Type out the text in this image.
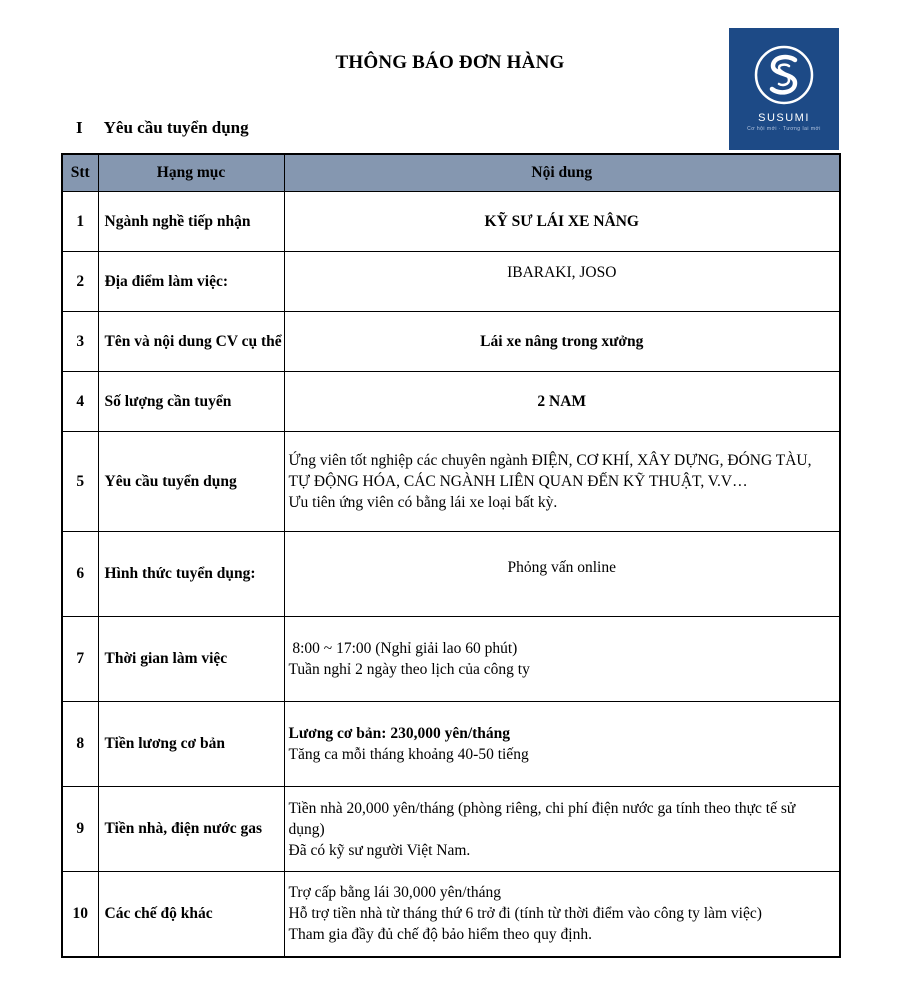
THÔNG BÁO ĐƠN HÀNG
I Yêu cầu tuyển dụng	SUSUMI
Cơ hội mới · Tương lai mới
Stt	Hạng mục	Nội dung
1	Ngành nghề tiếp nhận	KỸ SƯ LÁI XE NÂNG

2	Địa điểm làm việc:	IBARAKI, JOSO

3	Tên và nội dung CV cụ thể	Lái xe nâng trong xưởng

4	Số lượng cần tuyển	2 NAM

5	Yêu cầu tuyển dụng	Ứng viên tốt nghiệp các chuyên ngành ĐIỆN, CƠ KHÍ, XÂY DỰNG, ĐÓNG TÀU, TỰ ĐỘNG HÓA, CÁC NGÀNH LIÊN QUAN ĐẾN KỸ THUẬT, V.V…
Ưu tiên ứng viên có bằng lái xe loại bất kỳ.

6	Hình thức tuyển dụng:	Phỏng vấn online

7	Thời gian làm việc	8:00 ~ 17:00 (Nghỉ giải lao 60 phút)
Tuần nghỉ 2 ngày theo lịch của công ty

8	Tiền lương cơ bản	Lương cơ bản: 230,000 yên/tháng
Tăng ca mỗi tháng khoảng 40-50 tiếng

9	Tiền nhà, điện nước gas	Tiền nhà 20,000 yên/tháng (phòng riêng, chi phí điện nước ga tính theo thực tế sử dụng)
Đã có kỹ sư người Việt Nam.

10	Các chế độ khác	Trợ cấp bằng lái 30,000 yên/tháng
Hỗ trợ tiền nhà từ tháng thứ 6 trở đi (tính từ thời điểm vào công ty làm việc)
Tham gia đầy đủ chế độ bảo hiểm theo quy định.
